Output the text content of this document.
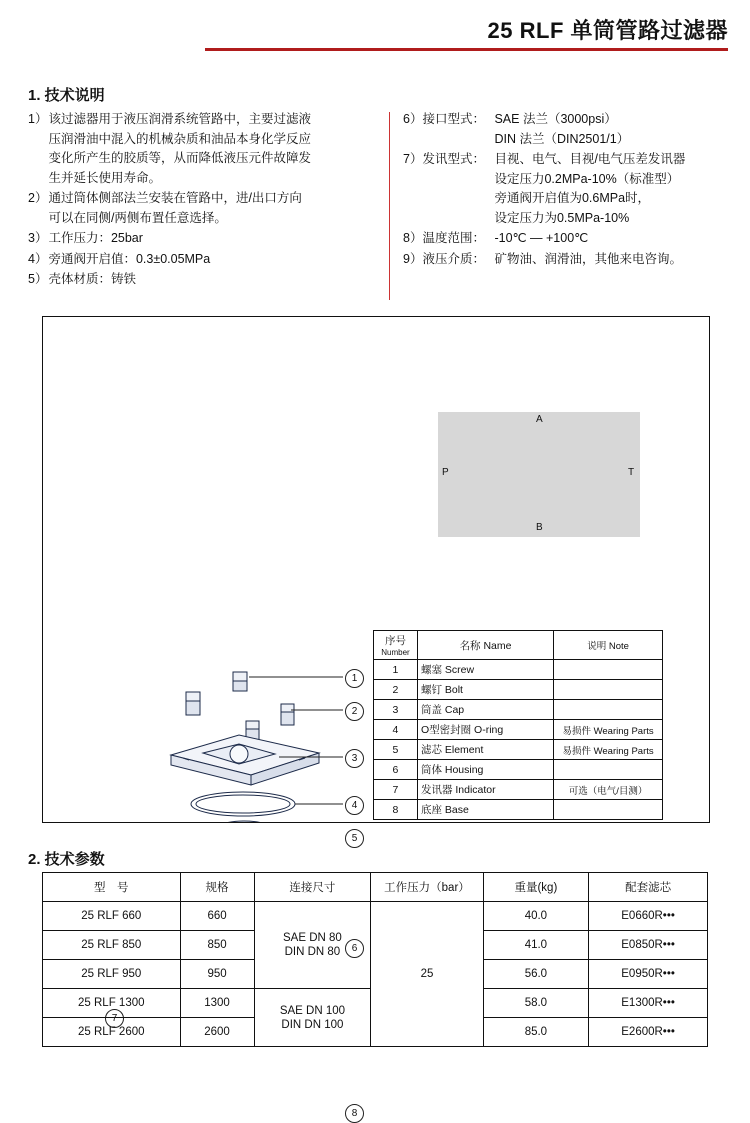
25 RLF 单筒管路过滤器
1. 技术说明
1） 该过滤器用于液压润滑系统管路中，主要过滤液
压润滑油中混入的机械杂质和油品本身化学反应
变化所产生的胶质等，从而降低液压元件故障发
生并延长使用寿命。
2） 通过筒体侧部法兰安装在管路中，进/出口方向
可以在同侧/两侧布置任意选择。
3） 工作压力：25bar
4） 旁通阀开启值：0.3±0.05MPa
5） 壳体材质：铸铁
6） 接口型式： SAE 法兰（3000psi）
DIN 法兰（DIN2501/1）
7） 发讯型式： 目视、电气、目视/电气压差发讯器
设定压力0.2MPa-10%（标准型）
旁通阀开启值为0.6MPa时，
设定压力为0.5MPa-10%
8） 温度范围： -10℃ — +100℃
9） 液压介质： 矿物油、润滑油，其他来电咨询。
1
2
3
4
5
6
7
8
A
B
P	T
序号
Number	名称 Name	说明 Note
1	螺塞 Screw	
2	螺钉 Bolt	
3	筒盖 Cap	
4	O型密封圈 O-ring	易损件 Wearing Parts
5	滤芯 Element	易损件 Wearing Parts
6	筒体 Housing	
7	发讯器 Indicator	可选（电气/目测）
8	底座 Base	
2. 技术参数
型　号	规格	连接尺寸	工作压力（bar）	重量(kg)	配套滤芯
25 RLF 660	660	SAE DN 80
DIN DN 80	25	40.0	E0660R•••
25 RLF 850	850			41.0	E0850R•••
25 RLF 950	950			56.0	E0950R•••
25 RLF 1300	1300	SAE DN 100
DIN DN 100		58.0	E1300R•••
25 RLF 2600	2600			85.0	E2600R•••
